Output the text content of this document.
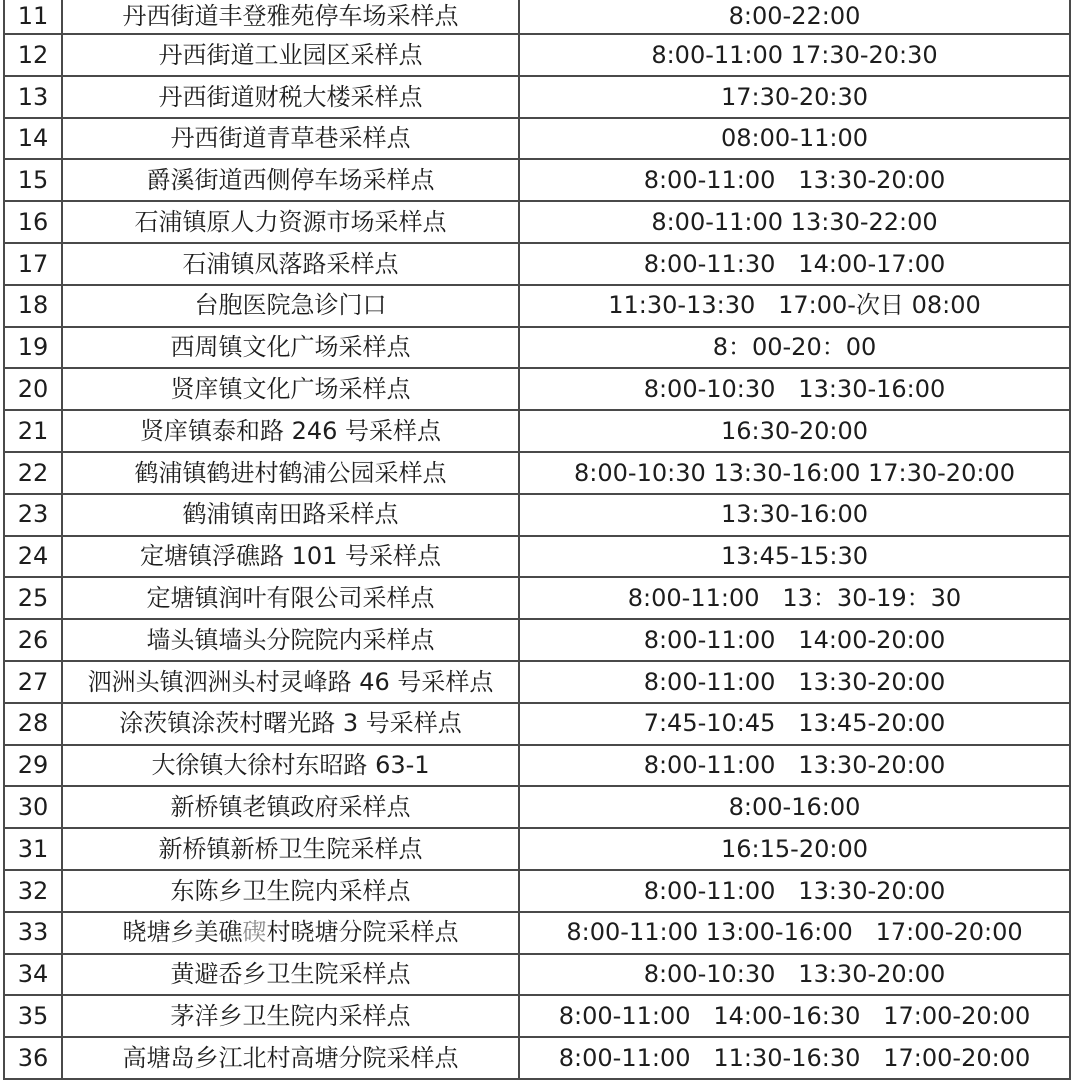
11	丹西街道丰登雅苑停车场采样点	8:00-22:00
12	丹西街道工业园区采样点	8:00-11:00 17:30-20:30
13	丹西街道财税大楼采样点	17:30-20:30
14	丹西街道青草巷采样点	08:00-11:00
15	爵溪街道西侧停车场采样点	8:00-11:00   13:30-20:00
16	石浦镇原人力资源市场采样点	8:00-11:00 13:30-22:00
17	石浦镇凤落路采样点	8:00-11:30   14:00-17:00
18	台胞医院急诊门口	11:30-13:30   17:00-次日 08:00
19	西周镇文化广场采样点	8：00-20：00
20	贤庠镇文化广场采样点	8:00-10:30   13:30-16:00
21	贤庠镇泰和路 246 号采样点	16:30-20:00
22	鹤浦镇鹤进村鹤浦公园采样点	8:00-10:30 13:30-16:00 17:30-20:00
23	鹤浦镇南田路采样点	13:30-16:00
24	定塘镇浮礁路 101 号采样点	13:45-15:30
25	定塘镇润叶有限公司采样点	8:00-11:00   13：30-19：30
26	墙头镇墙头分院院内采样点	8:00-11:00   14:00-20:00
27	泗洲头镇泗洲头村灵峰路 46 号采样点	8:00-11:00   13:30-20:00
28	涂茨镇涂茨村曙光路 3 号采样点	7:45-10:45   13:45-20:00
29	大徐镇大徐村东昭路 63-1	8:00-11:00   13:30-20:00
30	新桥镇老镇政府采样点	8:00-16:00
31	新桥镇新桥卫生院采样点	16:15-20:00
32	东陈乡卫生院内采样点	8:00-11:00   13:30-20:00
33	晓塘乡美礁碶村晓塘分院采样点	8:00-11:00 13:00-16:00   17:00-20:00
34	黄避岙乡卫生院采样点	8:00-10:30   13:30-20:00
35	茅洋乡卫生院内采样点	8:00-11:00   14:00-16:30   17:00-20:00
36	高塘岛乡江北村高塘分院采样点	8:00-11:00   11:30-16:30   17:00-20:00
